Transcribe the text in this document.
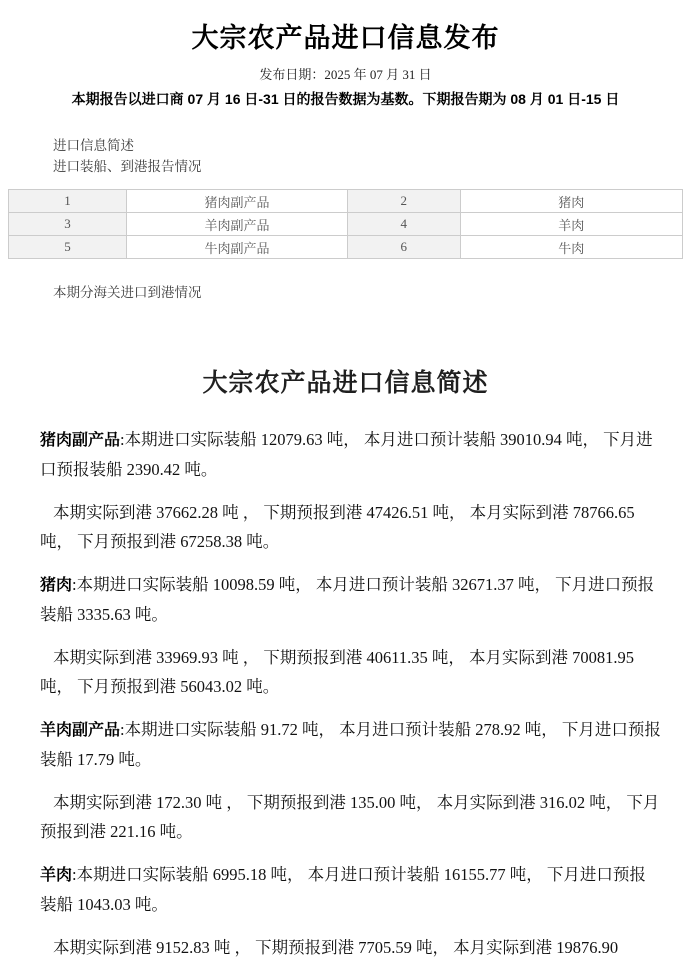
大宗农产品进口信息发布
发布日期：2025 年 07 月 31 日
本期报告以进口商 07 月 16 日-31 日的报告数据为基数。下期报告期为 08 月 01 日-15 日
进口信息简述
进口装船、到港报告情况
1	猪肉副产品	2	猪肉
3	羊肉副产品	4	羊肉
5	牛肉副产品	6	牛肉
本期分海关进口到港情况
大宗农产品进口信息简述

猪肉副产品:本期进口实际装船 12079.63 吨， 本月进口预计装船 39010.94 吨， 下月进口预报装船 2390.42 吨。

本期实际到港 37662.28 吨 ， 下期预报到港 47426.51 吨， 本月实际到港 78766.65 吨， 下月预报到港 67258.38 吨。

猪肉:本期进口实际装船 10098.59 吨， 本月进口预计装船 32671.37 吨， 下月进口预报装船 3335.63 吨。

本期实际到港 33969.93 吨 ， 下期预报到港 40611.35 吨， 本月实际到港 70081.95 吨， 下月预报到港 56043.02 吨。

羊肉副产品:本期进口实际装船 91.72 吨， 本月进口预计装船 278.92 吨， 下月进口预报装船 17.79 吨。

本期实际到港 172.30 吨 ， 下期预报到港 135.00 吨， 本月实际到港 316.02 吨， 下月预报到港 221.16 吨。

羊肉:本期进口实际装船 6995.18 吨， 本月进口预计装船 16155.77 吨， 下月进口预报装船 1043.03 吨。

本期实际到港 9152.83 吨 ， 下期预报到港 7705.59 吨， 本月实际到港 19876.90
